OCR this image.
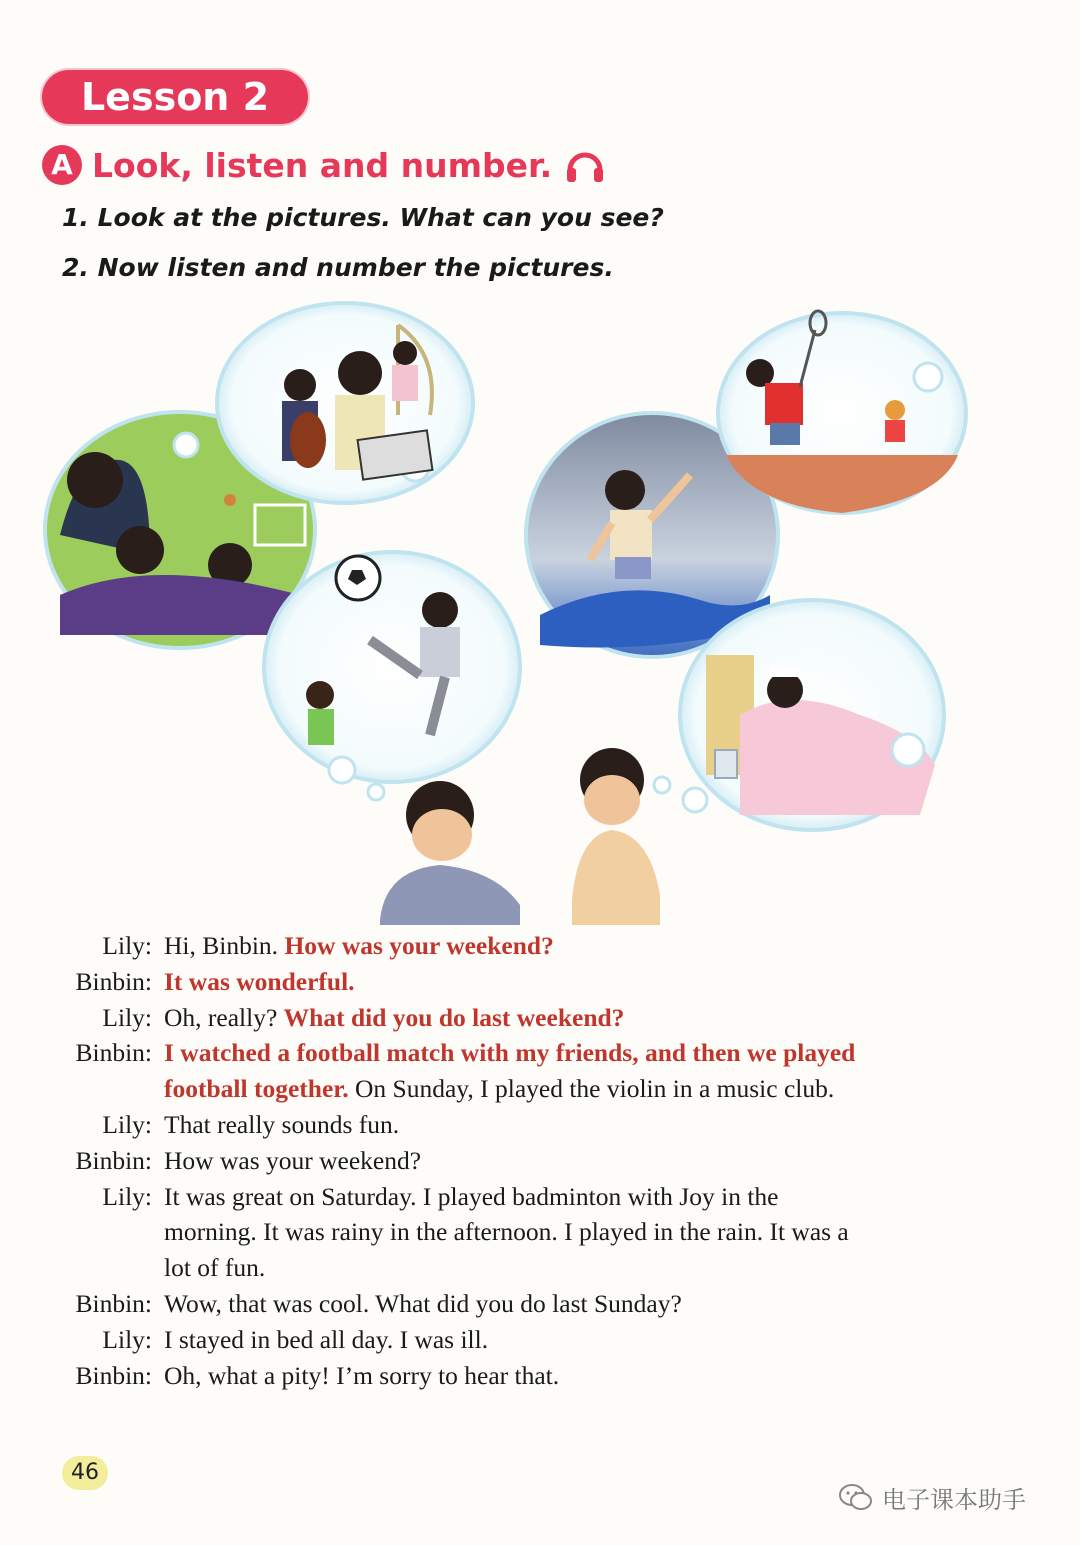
Lesson 2
A Look, listen and number.
1. Look at the pictures. What can you see?
2. Now listen and number the pictures.
Lily: Hi, Binbin. How was your weekend?
Binbin: It was wonderful.
Lily: Oh, really? What did you do last weekend?
Binbin: I watched a football match with my friends, and then we played
football together. On Sunday, I played the violin in a music club.
Lily: That really sounds fun.
Binbin: How was your weekend?
Lily: It was great on Saturday. I played badminton with Joy in the
morning. It was rainy in the afternoon. I played in the rain. It was a
lot of fun.
Binbin: Wow, that was cool. What did you do last Sunday?
Lily: I stayed in bed all day. I was ill.
Binbin: Oh, what a pity! I’m sorry to hear that.
46
电子课本助手
